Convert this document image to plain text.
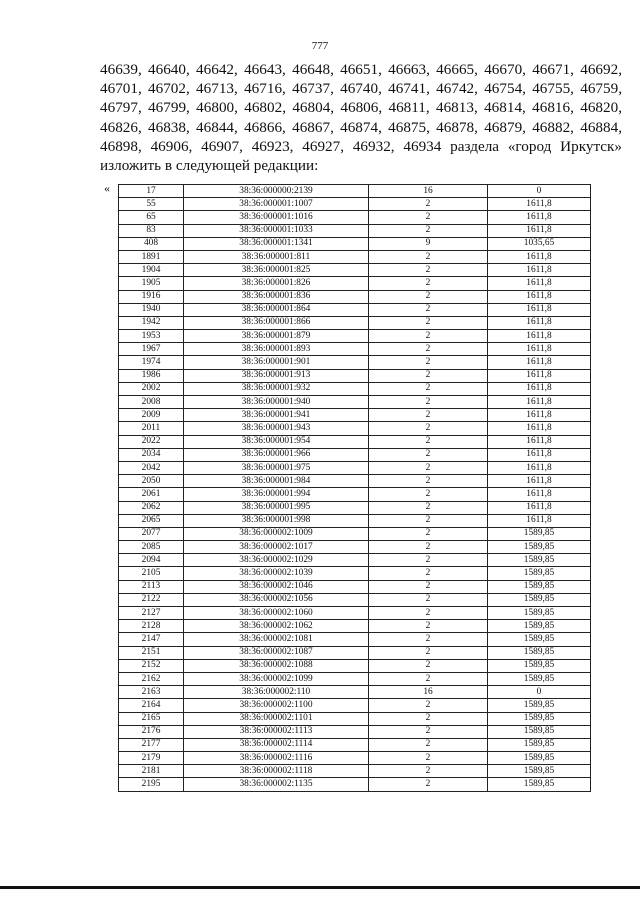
777

46639, 46640, 46642, 46643, 46648, 46651, 46663, 46665, 46670, 46671, 46692,
46701, 46702, 46713, 46716, 46737, 46740, 46741, 46742, 46754, 46755, 46759,
46797, 46799, 46800, 46802, 46804, 46806, 46811, 46813, 46814, 46816, 46820,
46826, 46838, 46844, 46866, 46867, 46874, 46875, 46878, 46879, 46882, 46884,
46898, 46906, 46907, 46923, 46927, 46932, 46934 раздела «город Иркутск»
изложить в следующей редакции:

«	17	38:36:000000:2139	16	0
55	38:36:000001:1007	2	1611,8
65	38:36:000001:1016	2	1611,8
83	38:36:000001:1033	2	1611,8
408	38:36:000001:1341	9	1035,65
1891	38:36:000001:811	2	1611,8
1904	38:36:000001:825	2	1611,8
1905	38:36:000001:826	2	1611,8
1916	38:36:000001:836	2	1611,8
1940	38:36:000001:864	2	1611,8
1942	38:36:000001:866	2	1611,8
1953	38:36:000001:879	2	1611,8
1967	38:36:000001:893	2	1611,8
1974	38:36:000001:901	2	1611,8
1986	38:36:000001:913	2	1611,8
2002	38:36:000001:932	2	1611,8
2008	38:36:000001:940	2	1611,8
2009	38:36:000001:941	2	1611,8
2011	38:36:000001:943	2	1611,8
2022	38:36:000001:954	2	1611,8
2034	38:36:000001:966	2	1611,8
2042	38:36:000001:975	2	1611,8
2050	38:36:000001:984	2	1611,8
2061	38:36:000001:994	2	1611,8
2062	38:36:000001:995	2	1611,8
2065	38:36:000001:998	2	1611,8
2077	38:36:000002:1009	2	1589,85
2085	38:36:000002:1017	2	1589,85
2094	38:36:000002:1029	2	1589,85
2105	38:36:000002:1039	2	1589,85
2113	38:36:000002:1046	2	1589,85
2122	38:36:000002:1056	2	1589,85
2127	38:36:000002:1060	2	1589,85
2128	38:36:000002:1062	2	1589,85
2147	38:36:000002:1081	2	1589,85
2151	38:36:000002:1087	2	1589,85
2152	38:36:000002:1088	2	1589,85
2162	38:36:000002:1099	2	1589,85
2163	38:36:000002:110	16	0
2164	38:36:000002:1100	2	1589,85
2165	38:36:000002:1101	2	1589,85
2176	38:36:000002:1113	2	1589,85
2177	38:36:000002:1114	2	1589,85
2179	38:36:000002:1116	2	1589,85
2181	38:36:000002:1118	2	1589,85
2195	38:36:000002:1135	2	1589,85
